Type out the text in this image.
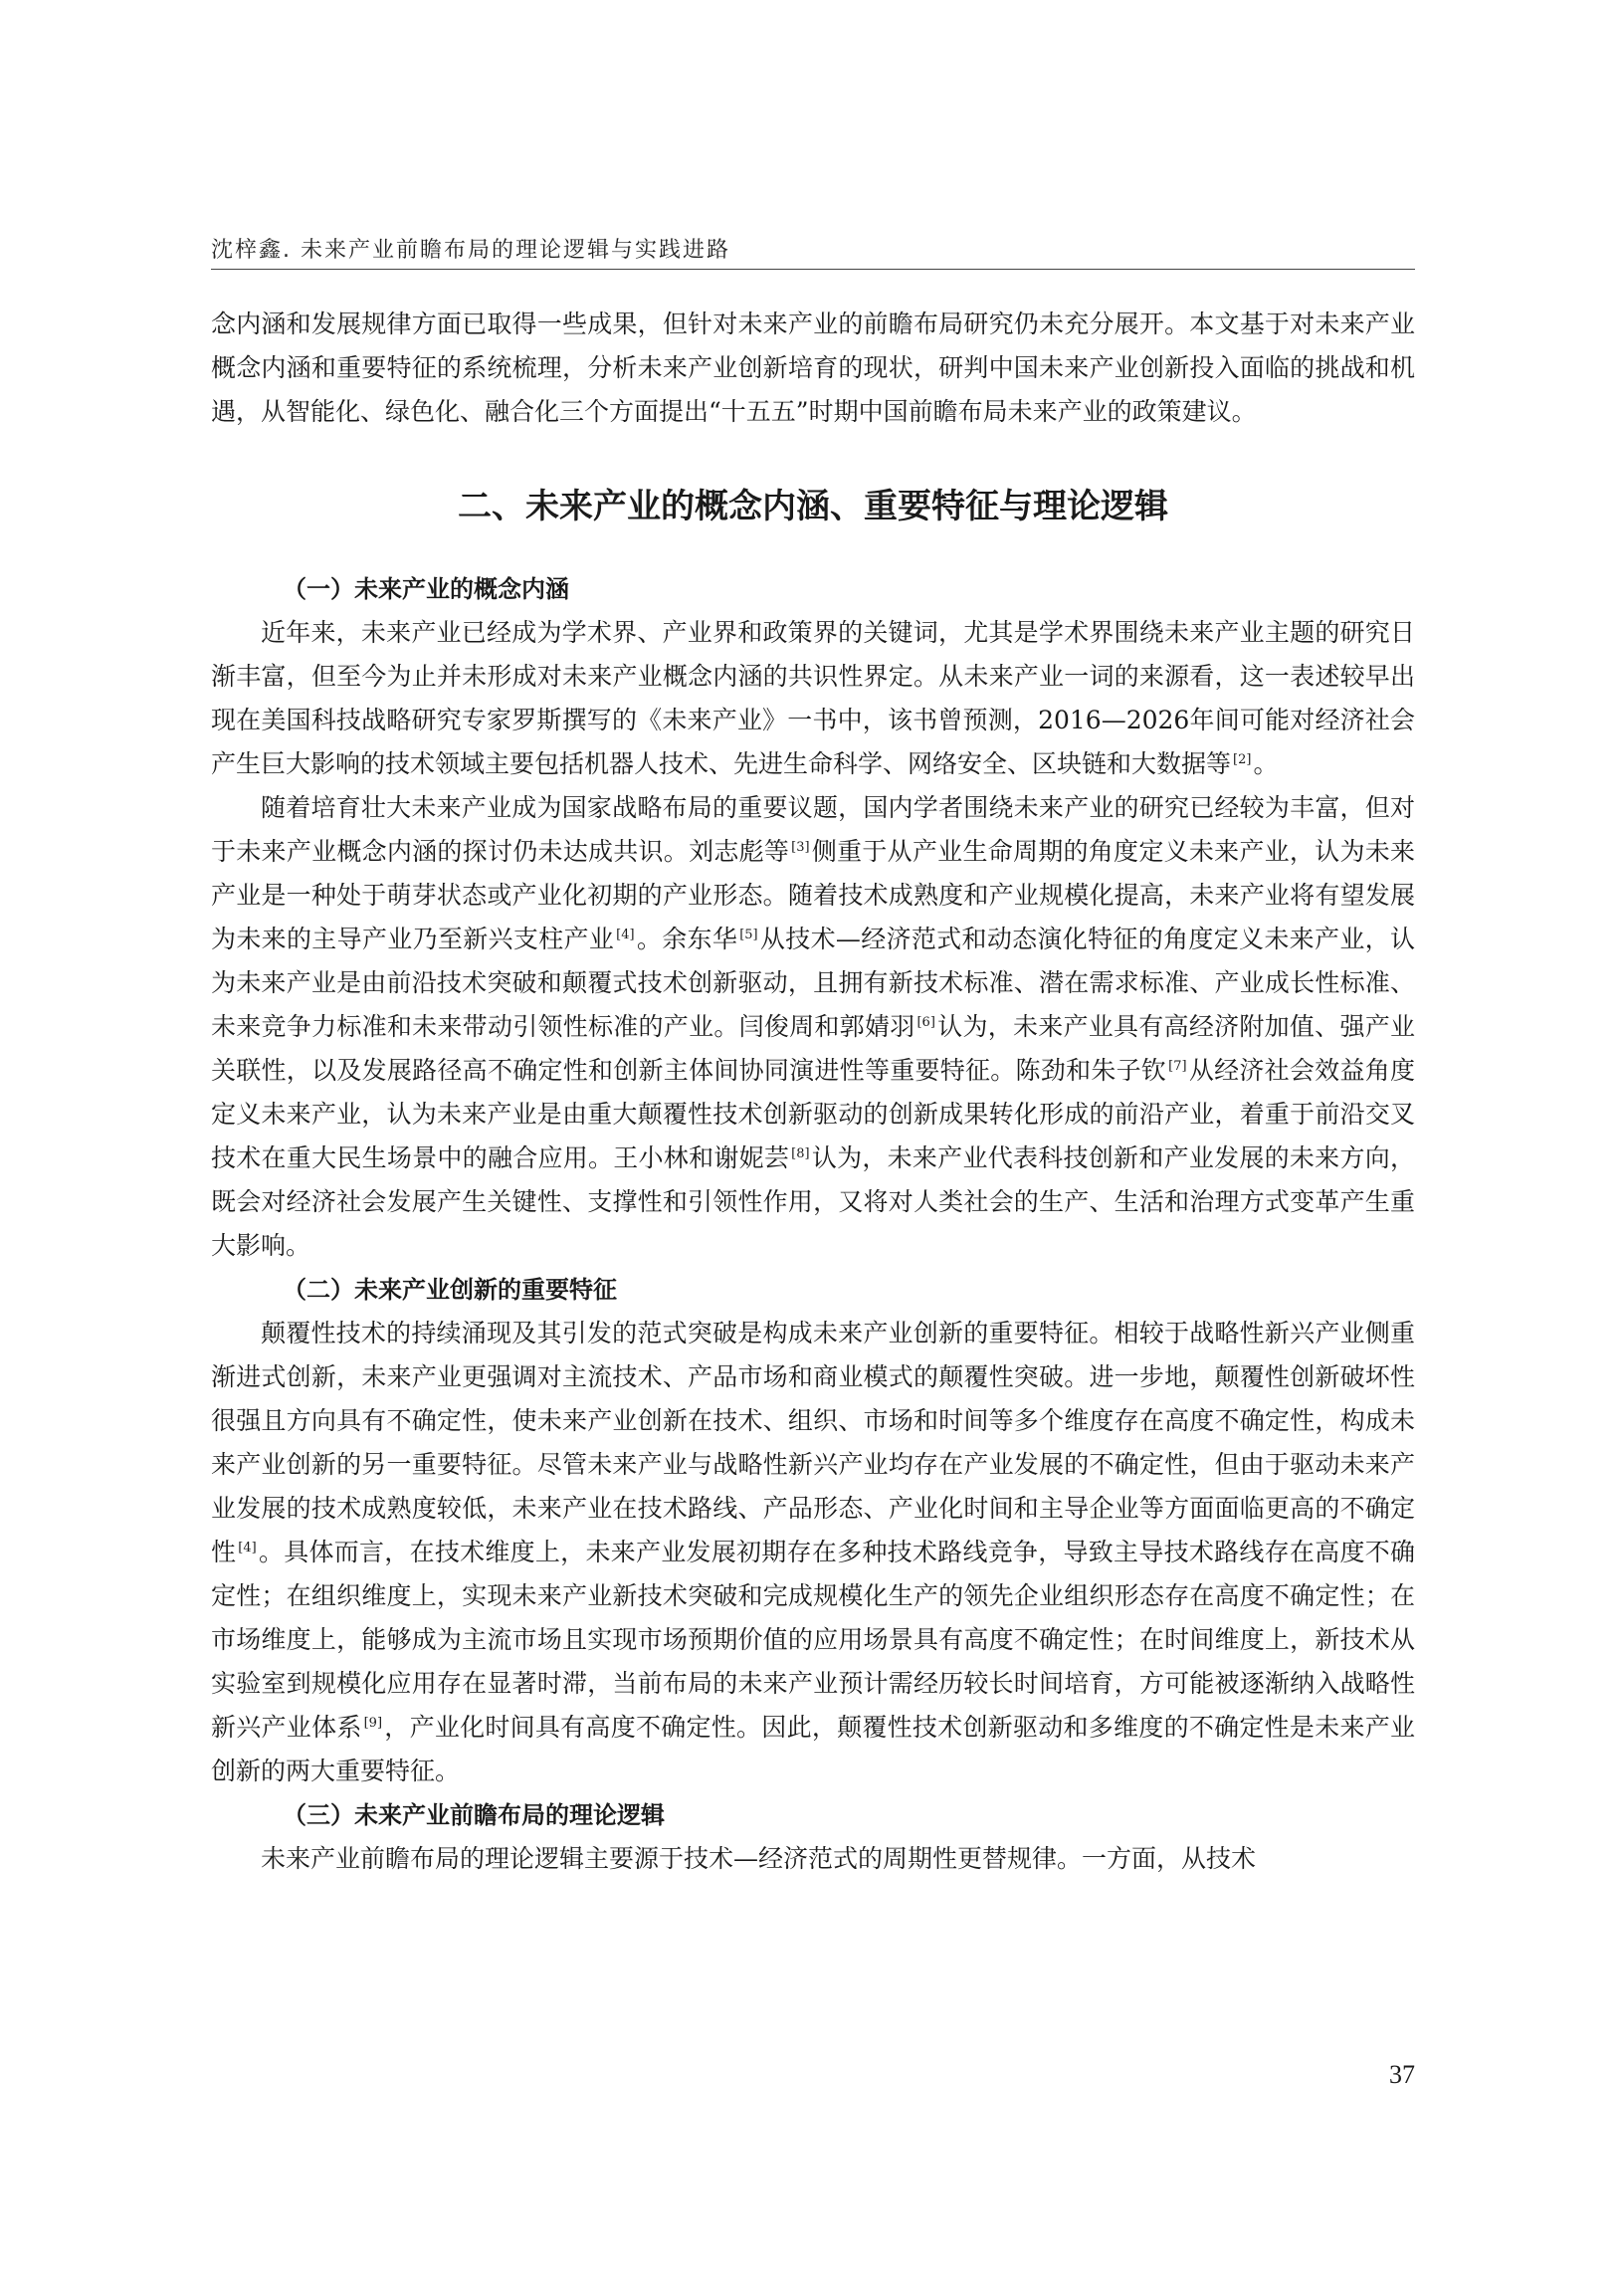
沈梓鑫. 未来产业前瞻布局的理论逻辑与实践进路

念内涵和发展规律方面已取得一些成果，但针对未来产业的前瞻布局研究仍未充分展开。本文基于对未来产业概念内涵和重要特征的系统梳理，分析未来产业创新培育的现状，研判中国未来产业创新投入面临的挑战和机遇，从智能化、绿色化、融合化三个方面提出“十五五”时期中国前瞻布局未来产业的政策建议。

二、未来产业的概念内涵、重要特征与理论逻辑
（一）未来产业的概念内涵

近年来，未来产业已经成为学术界、产业界和政策界的关键词，尤其是学术界围绕未来产业主题的研究日渐丰富，但至今为止并未形成对未来产业概念内涵的共识性界定。从未来产业一词的来源看，这一表述较早出现在美国科技战略研究专家罗斯撰写的《未来产业》一书中，该书曾预测，2016—2026年间可能对经济社会产生巨大影响的技术领域主要包括机器人技术、先进生命科学、网络安全、区块链和大数据等 [2]。

随着培育壮大未来产业成为国家战略布局的重要议题，国内学者围绕未来产业的研究已经较为丰富，但对于未来产业概念内涵的探讨仍未达成共识。刘志彪等 [3]侧重于从产业生命周期的角度定义未来产业，认为未来产业是一种处于萌芽状态或产业化初期的产业形态。随着技术成熟度和产业规模化提高，未来产业将有望发展为未来的主导产业乃至新兴支柱产业 [4]。余东华 [5]从技术—经济范式和动态演化特征的角度定义未来产业，认为未来产业是由前沿技术突破和颠覆式技术创新驱动，且拥有新技术标准、潜在需求标准、产业成长性标准、未来竞争力标准和未来带动引领性标准的产业。闫俊周和郭婧羽 [6]认为，未来产业具有高经济附加值、强产业关联性，以及发展路径高不确定性和创新主体间协同演进性等重要特征。陈劲和朱子钦 [7]从经济社会效益角度定义未来产业，认为未来产业是由重大颠覆性技术创新驱动的创新成果转化形成的前沿产业，着重于前沿交叉技术在重大民生场景中的融合应用。王小林和谢妮芸 [8]认为，未来产业代表科技创新和产业发展的未来方向，既会对经济社会发展产生关键性、支撑性和引领性作用，又将对人类社会的生产、生活和治理方式变革产生重大影响。

（二）未来产业创新的重要特征

颠覆性技术的持续涌现及其引发的范式突破是构成未来产业创新的重要特征。相较于战略性新兴产业侧重渐进式创新，未来产业更强调对主流技术、产品市场和商业模式的颠覆性突破。进一步地，颠覆性创新破坏性很强且方向具有不确定性，使未来产业创新在技术、组织、市场和时间等多个维度存在高度不确定性，构成未来产业创新的另一重要特征。尽管未来产业与战略性新兴产业均存在产业发展的不确定性，但由于驱动未来产业发展的技术成熟度较低，未来产业在技术路线、产品形态、产业化时间和主导企业等方面面临更高的不确定性 [4]。具体而言，在技术维度上，未来产业发展初期存在多种技术路线竞争，导致主导技术路线存在高度不确定性；在组织维度上，实现未来产业新技术突破和完成规模化生产的领先企业组织形态存在高度不确定性；在市场维度上，能够成为主流市场且实现市场预期价值的应用场景具有高度不确定性；在时间维度上，新技术从实验室到规模化应用存在显著时滞，当前布局的未来产业预计需经历较长时间培育，方可能被逐渐纳入战略性新兴产业体系 [9]，产业化时间具有高度不确定性。因此，颠覆性技术创新驱动和多维度的不确定性是未来产业创新的两大重要特征。

（三）未来产业前瞻布局的理论逻辑

未来产业前瞻布局的理论逻辑主要源于技术—经济范式的周期性更替规律。一方面，从技术

37
